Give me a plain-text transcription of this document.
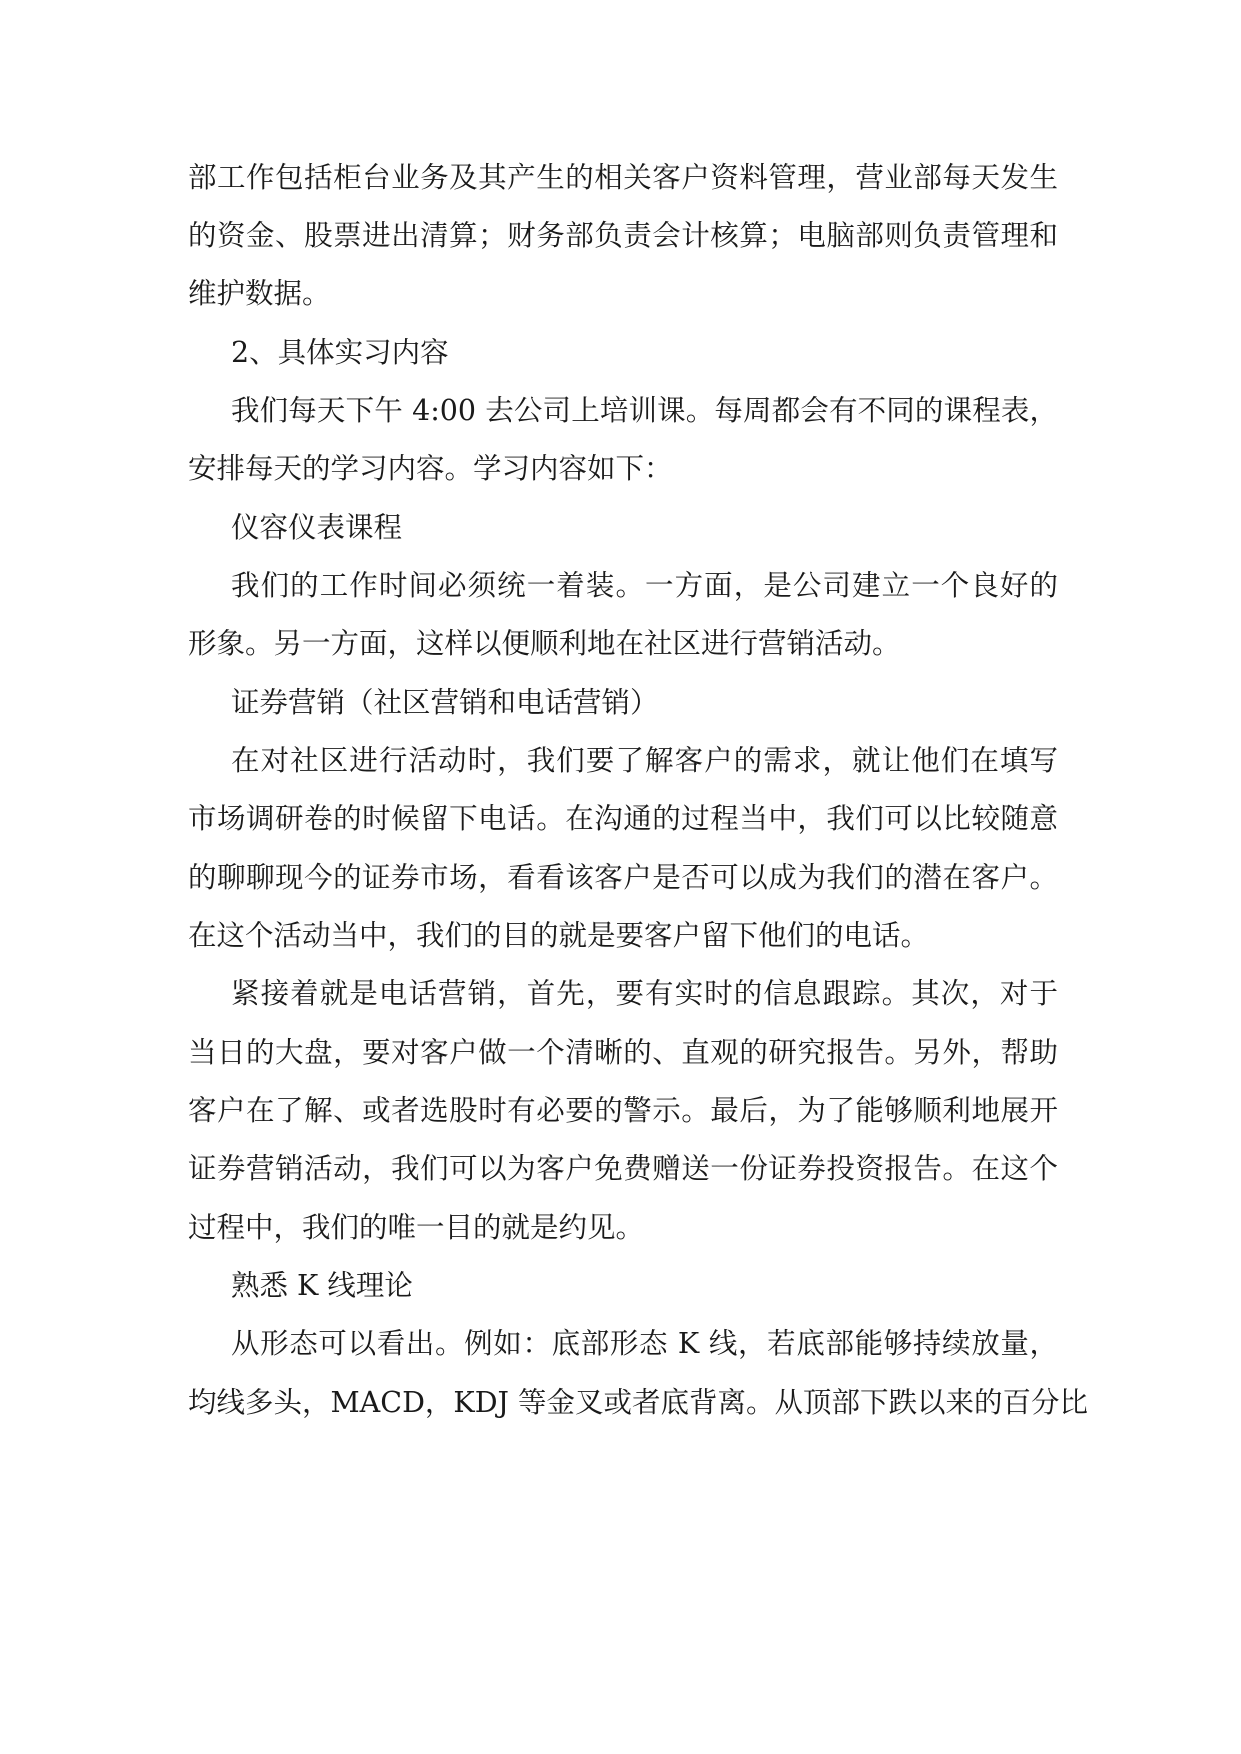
部工作包括柜台业务及其产生的相关客户资料管理，营业部每天发生
的资金、股票进出清算；财务部负责会计核算；电脑部则负责管理和
维护数据。
2、具体实习内容
我们每天下午 4:00 去公司上培训课。每周都会有不同的课程表，
安排每天的学习内容。学习内容如下：
仪容仪表课程
我们的工作时间必须统一着装。一方面，是公司建立一个良好的
形象。另一方面，这样以便顺利地在社区进行营销活动。
证券营销（社区营销和电话营销）
在对社区进行活动时，我们要了解客户的需求，就让他们在填写
市场调研卷的时候留下电话。在沟通的过程当中，我们可以比较随意
的聊聊现今的证券市场，看看该客户是否可以成为我们的潜在客户。
在这个活动当中，我们的目的就是要客户留下他们的电话。
紧接着就是电话营销，首先，要有实时的信息跟踪。其次，对于
当日的大盘，要对客户做一个清晰的、直观的研究报告。另外，帮助
客户在了解、或者选股时有必要的警示。最后，为了能够顺利地展开
证券营销活动，我们可以为客户免费赠送一份证券投资报告。在这个
过程中，我们的唯一目的就是约见。
熟悉 K 线理论
从形态可以看出。例如：底部形态 K 线，若底部能够持续放量，
均线多头，MACD，KDJ 等金叉或者底背离。从顶部下跌以来的百分比
